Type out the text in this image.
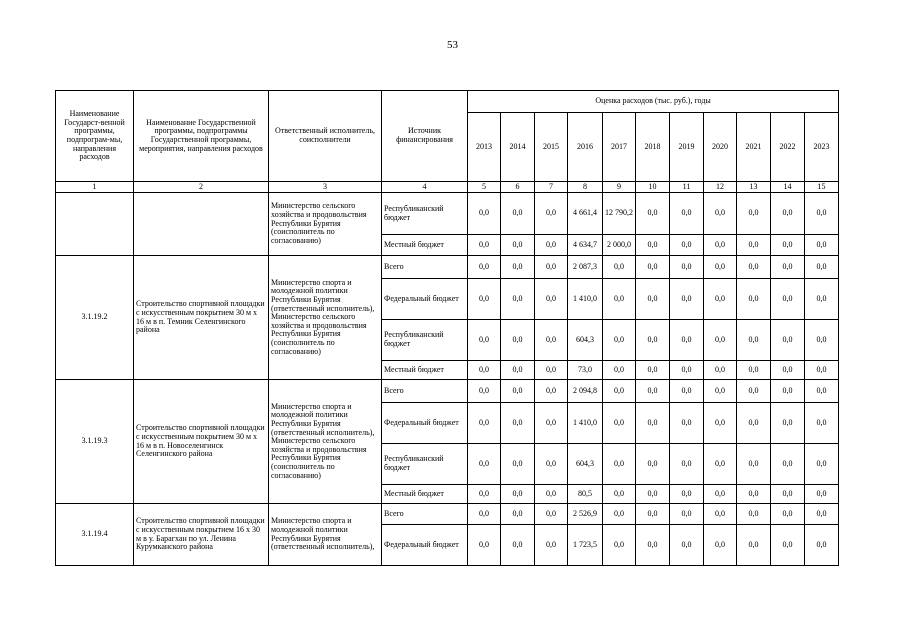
53
Наименование Государст-венной программы, подпрограм-мы, направления расходов	Наименование Государственной программы, подпрограммы Государственной программы, мероприятия, направления расходов	Ответственный исполнитель, соисполнители	Источник финансирования	Оценка расходов (тыс. руб.), годы										
				2013	2014	2015	2016	2017	2018	2019	2020	2021	2022	2023
1	2	3	4	5	6	7	8	9	10	11	12	13	14	15
		Министерство сельского хозяйства и продовольствия Республики Бурятия (соисполнитель по согласованию)	Республиканский бюджет	0,0	0,0	0,0	4 661,4	12 790,2	0,0	0,0	0,0	0,0	0,0	0,0
			Местный бюджет	0,0	0,0	0,0	4 634,7	2 000,0	0,0	0,0	0,0	0,0	0,0	0,0
3.1.19.2	Строительство спортивной площадки с искусственным покрытием 30 м х 16 м в п. Темник Селенгинского района	Министерство спорта и молодежной политики Республики Бурятия (ответственный исполнитель), Министерство сельского хозяйства и продовольствия Республики Бурятия (соисполнитель по согласованию)	Всего	0,0	0,0	0,0	2 087,3	0,0	0,0	0,0	0,0	0,0	0,0	0,0
			Федеральный бюджет	0,0	0,0	0,0	1 410,0	0,0	0,0	0,0	0,0	0,0	0,0	0,0
			Республиканский бюджет	0,0	0,0	0,0	604,3	0,0	0,0	0,0	0,0	0,0	0,0	0,0
			Местный бюджет	0,0	0,0	0,0	73,0	0,0	0,0	0,0	0,0	0,0	0,0	0,0
3.1.19.3	Строительство спортивной площадки с искусственным покрытием 30 м х 16 м в п. Новоселенгинск Селенгинского района	Министерство спорта и молодежной политики Республики Бурятия (ответственный исполнитель), Министерство сельского хозяйства и продовольствия Республики Бурятия (соисполнитель по согласованию)	Всего	0,0	0,0	0,0	2 094,8	0,0	0,0	0,0	0,0	0,0	0,0	0,0
			Федеральный бюджет	0,0	0,0	0,0	1 410,0	0,0	0,0	0,0	0,0	0,0	0,0	0,0
			Республиканский бюджет	0,0	0,0	0,0	604,3	0,0	0,0	0,0	0,0	0,0	0,0	0,0
			Местный бюджет	0,0	0,0	0,0	80,5	0,0	0,0	0,0	0,0	0,0	0,0	0,0
3.1.19.4	Строительство спортивной площадки с искусственным покрытием 16 х 30 м в у. Барагхан по ул. Ленина Курумканского района	Министерство спорта и молодежной политики Республики Бурятия (ответственный исполнитель),	Всего	0,0	0,0	0,0	2 526,9	0,0	0,0	0,0	0,0	0,0	0,0	0,0
			Федеральный бюджет	0,0	0,0	0,0	1 723,5	0,0	0,0	0,0	0,0	0,0	0,0	0,0
